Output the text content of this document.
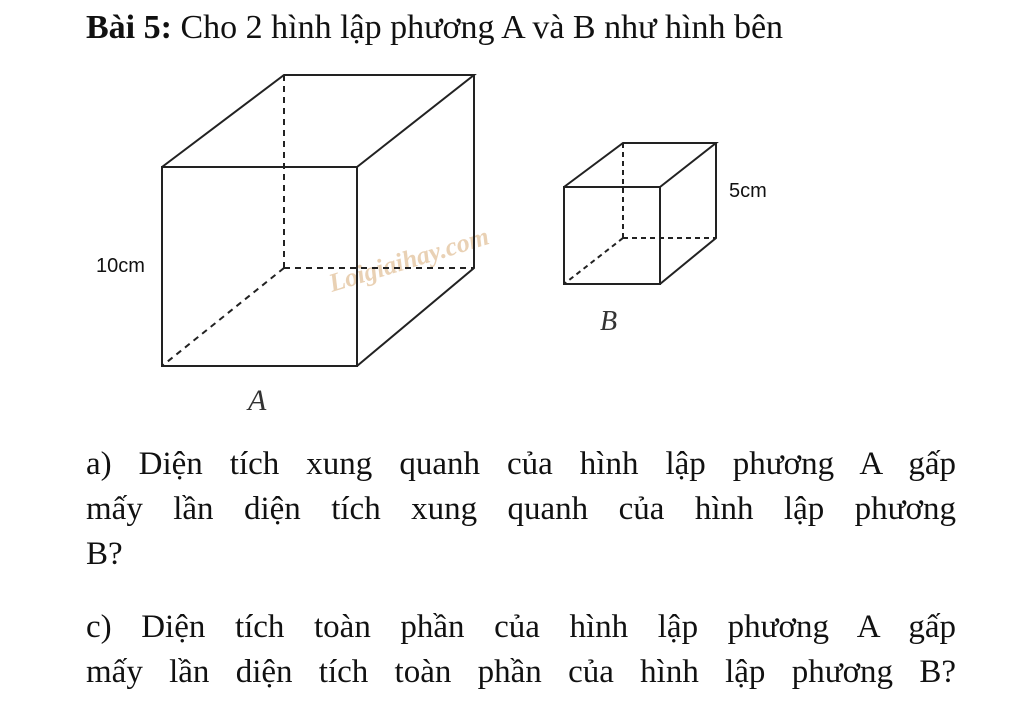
Bài 5: Cho 2 hình lập phương A và B như hình bên
Loigiaihay.com
10cm
A
5cm
B
a) Diện tích xung quanh của hình lập phương A gấp
mấy lần diện tích xung quanh của hình lập phương
B?
c) Diện tích toàn phần của hình lập phương A gấp
mấy lần diện tích toàn phần của hình lập phương B?
